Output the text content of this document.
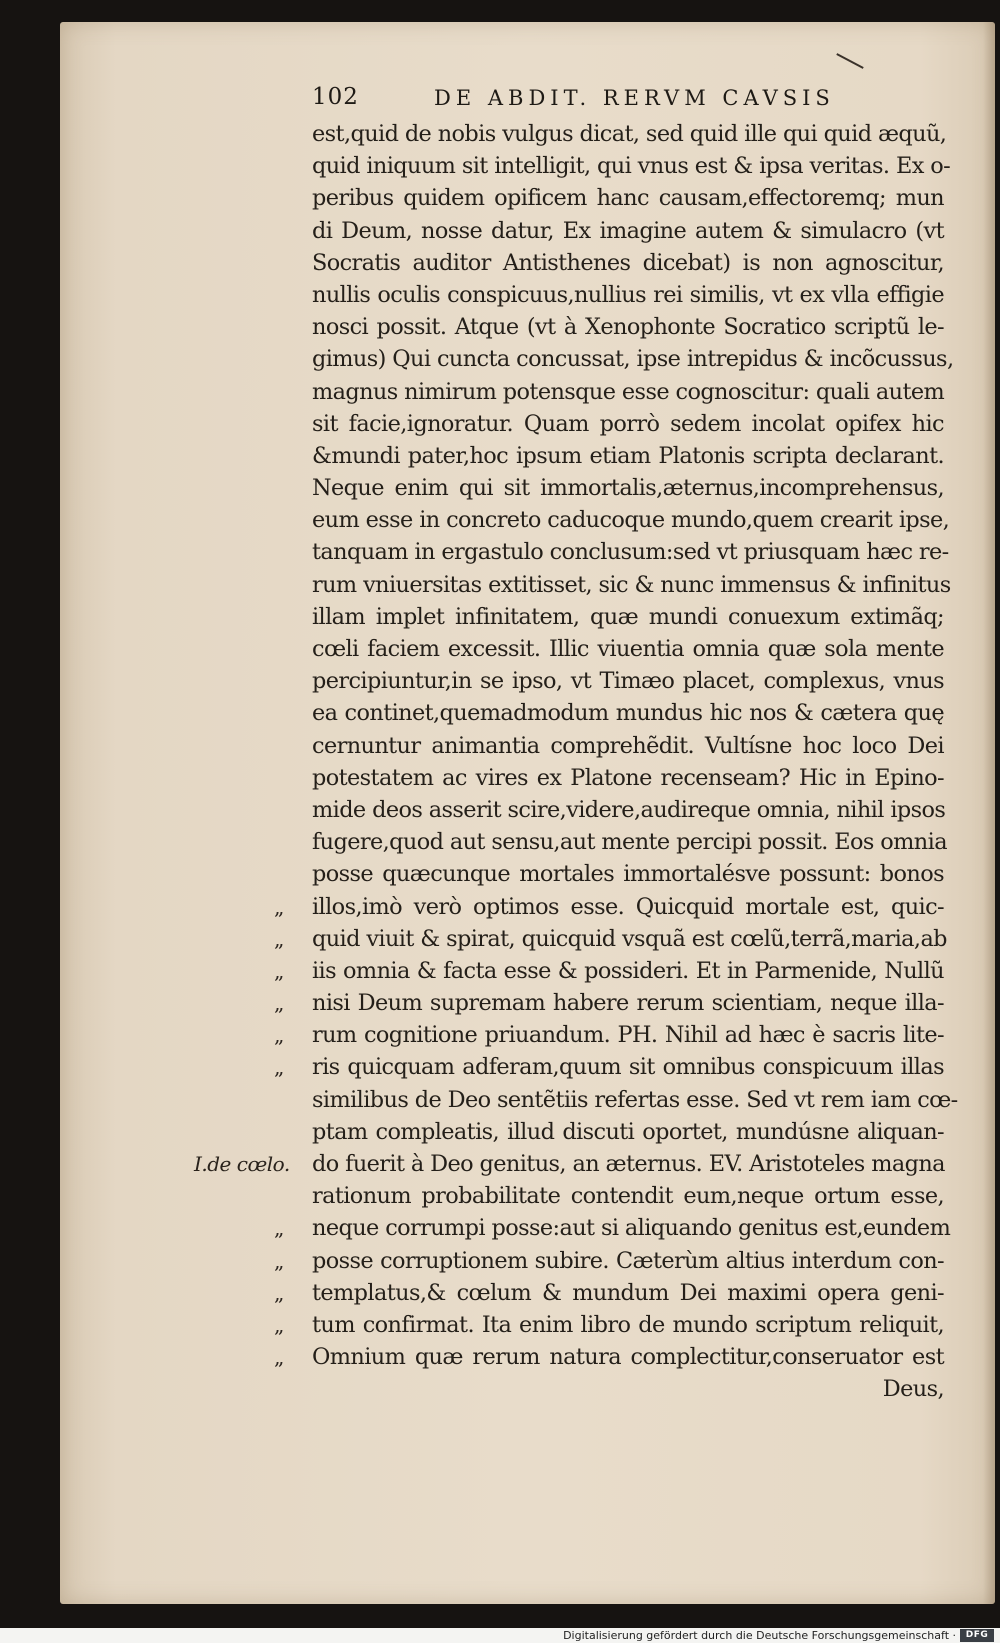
102	DE ABDIT. RERVM CAVSIS
est,quid de nobis vulgus dicat, sed quid ille qui quid æquũ,
quid iniquum sit intelligit, qui vnus est & ipsa veritas. Ex o-
peribus quidem opificem hanc causam,effectoremq; mun
di Deum, nosse datur, Ex imagine autem & simulacro (vt
Socratis auditor Antisthenes dicebat) is non agnoscitur,
nullis oculis conspicuus,nullius rei similis, vt ex vlla effigie
nosci possit. Atque (vt à Xenophonte Socratico scriptũ le-
gimus) Qui cuncta concussat, ipse intrepidus & incõcussus,
magnus nimirum potensque esse cognoscitur: quali autem
sit facie,ignoratur. Quam porrò sedem incolat opifex hic
&mundi pater,hoc ipsum etiam Platonis scripta declarant.
Neque enim qui sit immortalis,æternus,incomprehensus,
eum esse in concreto caducoque mundo,quem crearit ipse,
tanquam in ergastulo conclusum:sed vt priusquam hæc re-
rum vniuersitas extitisset, sic & nunc immensus & infinitus
illam implet infinitatem, quæ mundi conuexum extimãq;
cœli faciem excessit. Illic viuentia omnia quæ sola mente
percipiuntur,in se ipso, vt Timæo placet, complexus, vnus
ea continet,quemadmodum mundus hic nos & cætera quę
cernuntur animantia comprehẽdit. Vultísne hoc loco Dei
potestatem ac vires ex Platone recenseam? Hic in Epino-
mide deos asserit scire,videre,audireque omnia, nihil ipsos
fugere,quod aut sensu,aut mente percipi possit. Eos omnia
posse quæcunque mortales immortalésve possunt: bonos
illos,imò verò optimos esse. Quicquid mortale est, quic-
„
quid viuit & spirat, quicquid vsquã est cœlũ,terrã,maria,ab
„
iis omnia & facta esse & possideri. Et in Parmenide, Nullũ
„
nisi Deum supremam habere rerum scientiam, neque illa-
„
rum cognitione priuandum. PH. Nihil ad hæc è sacris lite-
„
ris quicquam adferam,quum sit omnibus conspicuum illas
„
similibus de Deo sentẽtiis refertas esse. Sed vt rem iam cœ-
ptam compleatis, illud discuti oportet, mundúsne aliquan-
do fuerit à Deo genitus, an æternus. EV. Aristoteles magna
I.de cœlo.
rationum probabilitate contendit eum,neque ortum esse,
neque corrumpi posse:aut si aliquando genitus est,eundem
„
posse corruptionem subire. Cæterùm altius interdum con-
„
templatus,& cœlum & mundum Dei maximi opera geni-
„
tum confirmat. Ita enim libro de mundo scriptum reliquit,
„
Omnium quæ rerum natura complectitur,conseruator est
„
Deus,
Digitalisierung gefördert durch die Deutsche Forschungsgemeinschaft ·	DFG
